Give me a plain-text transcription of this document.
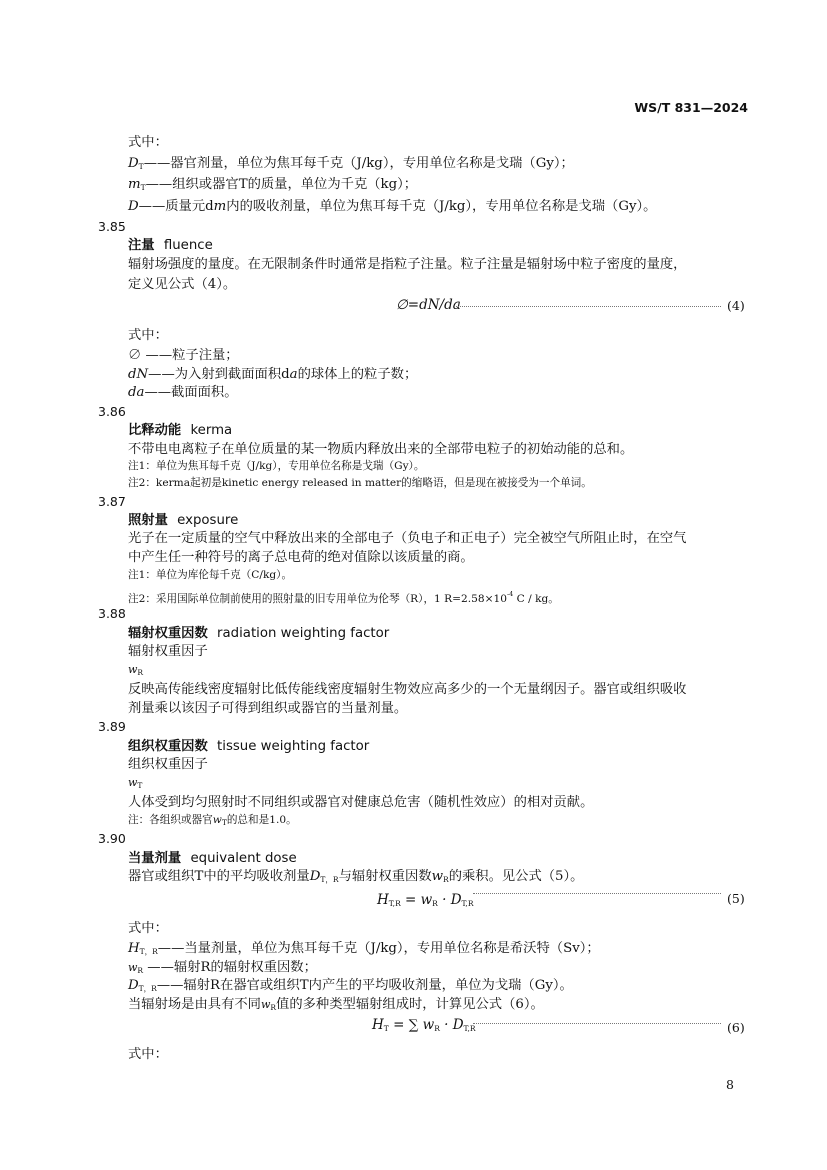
WS/T 831—2024
式中：
$D_T——$器官剂量，单位为焦耳每千克（J/kg），专用单位名称是戈瑞（Gy）；
$m_T——$组织或器官T的质量，单位为千克（kg）；
D——质量元dm内的吸收剂量，单位为焦耳每千克（J/kg），专用单位名称是戈瑞（Gy）。
3.85
注量 fluence
辐射场强度的量度。在无限制条件时通常是指粒子注量。粒子注量是辐射场中粒子密度的量度，
定义见公式（4）。
∅=dN/da	(4)
式中：
∅ ——粒子注量；
dN——为入射到截面面积da的球体上的粒子数；
da——截面面积。
3.86
比释动能 kerma
不带电电离粒子在单位质量的某一物质内释放出来的全部带电粒子的初始动能的总和。
注1：单位为焦耳每千克（J/kg），专用单位名称是戈瑞（Gy）。
注2：kerma起初是kinetic energy released in matter的缩略语，但是现在被接受为一个单词。
3.87
照射量 exposure
光子在一定质量的空气中释放出来的全部电子（负电子和正电子）完全被空气所阻止时，在空气
中产生任一种符号的离子总电荷的绝对值除以该质量的商。
注1：单位为库伦每千克（C/kg）。
注2：采用国际单位制前使用的照射量的旧专用单位为伦琴（R），1 $R=2.58\times 10^{-4}$ C / kg。
3.88
辐射权重因数 radiation weighting factor
辐射权重因子
$w_R$
反映高传能线密度辐射比低传能线密度辐射生物效应高多少的一个无量纲因子。器官或组织吸收
剂量乘以该因子可得到组织或器官的当量剂量。
3.89
组织权重因数 tissue weighting factor
组织权重因子
$w_T$
人体受到均匀照射时不同组织或器官对健康总危害（随机性效应）的相对贡献。
注：各组织或器官$w_T$的总和是1.0。
3.90
当量剂量 equivalent dose
器官或组织T中的平均吸收剂量$D_{T,R}$与辐射权重因数$w_R$的乘积。见公式（5）。
$H_{T,R} = w_R \cdot D_{T,R}$	(5)
式中：
$H_{T,R}——$当量剂量，单位为焦耳每千克（J/kg），专用单位名称是希沃特（Sv）；
$w_R$ ——辐射R的辐射权重因数；
$D_{T,R}——$辐射R在器官或组织T内产生的平均吸收剂量，单位为戈瑞（Gy）。
当辐射场是由具有不同$w_R$值的多种类型辐射组成时，计算见公式（6）。
$H_T$ = ∑ $w_R \cdot D_{T,R}$	(6)
式中：
8
